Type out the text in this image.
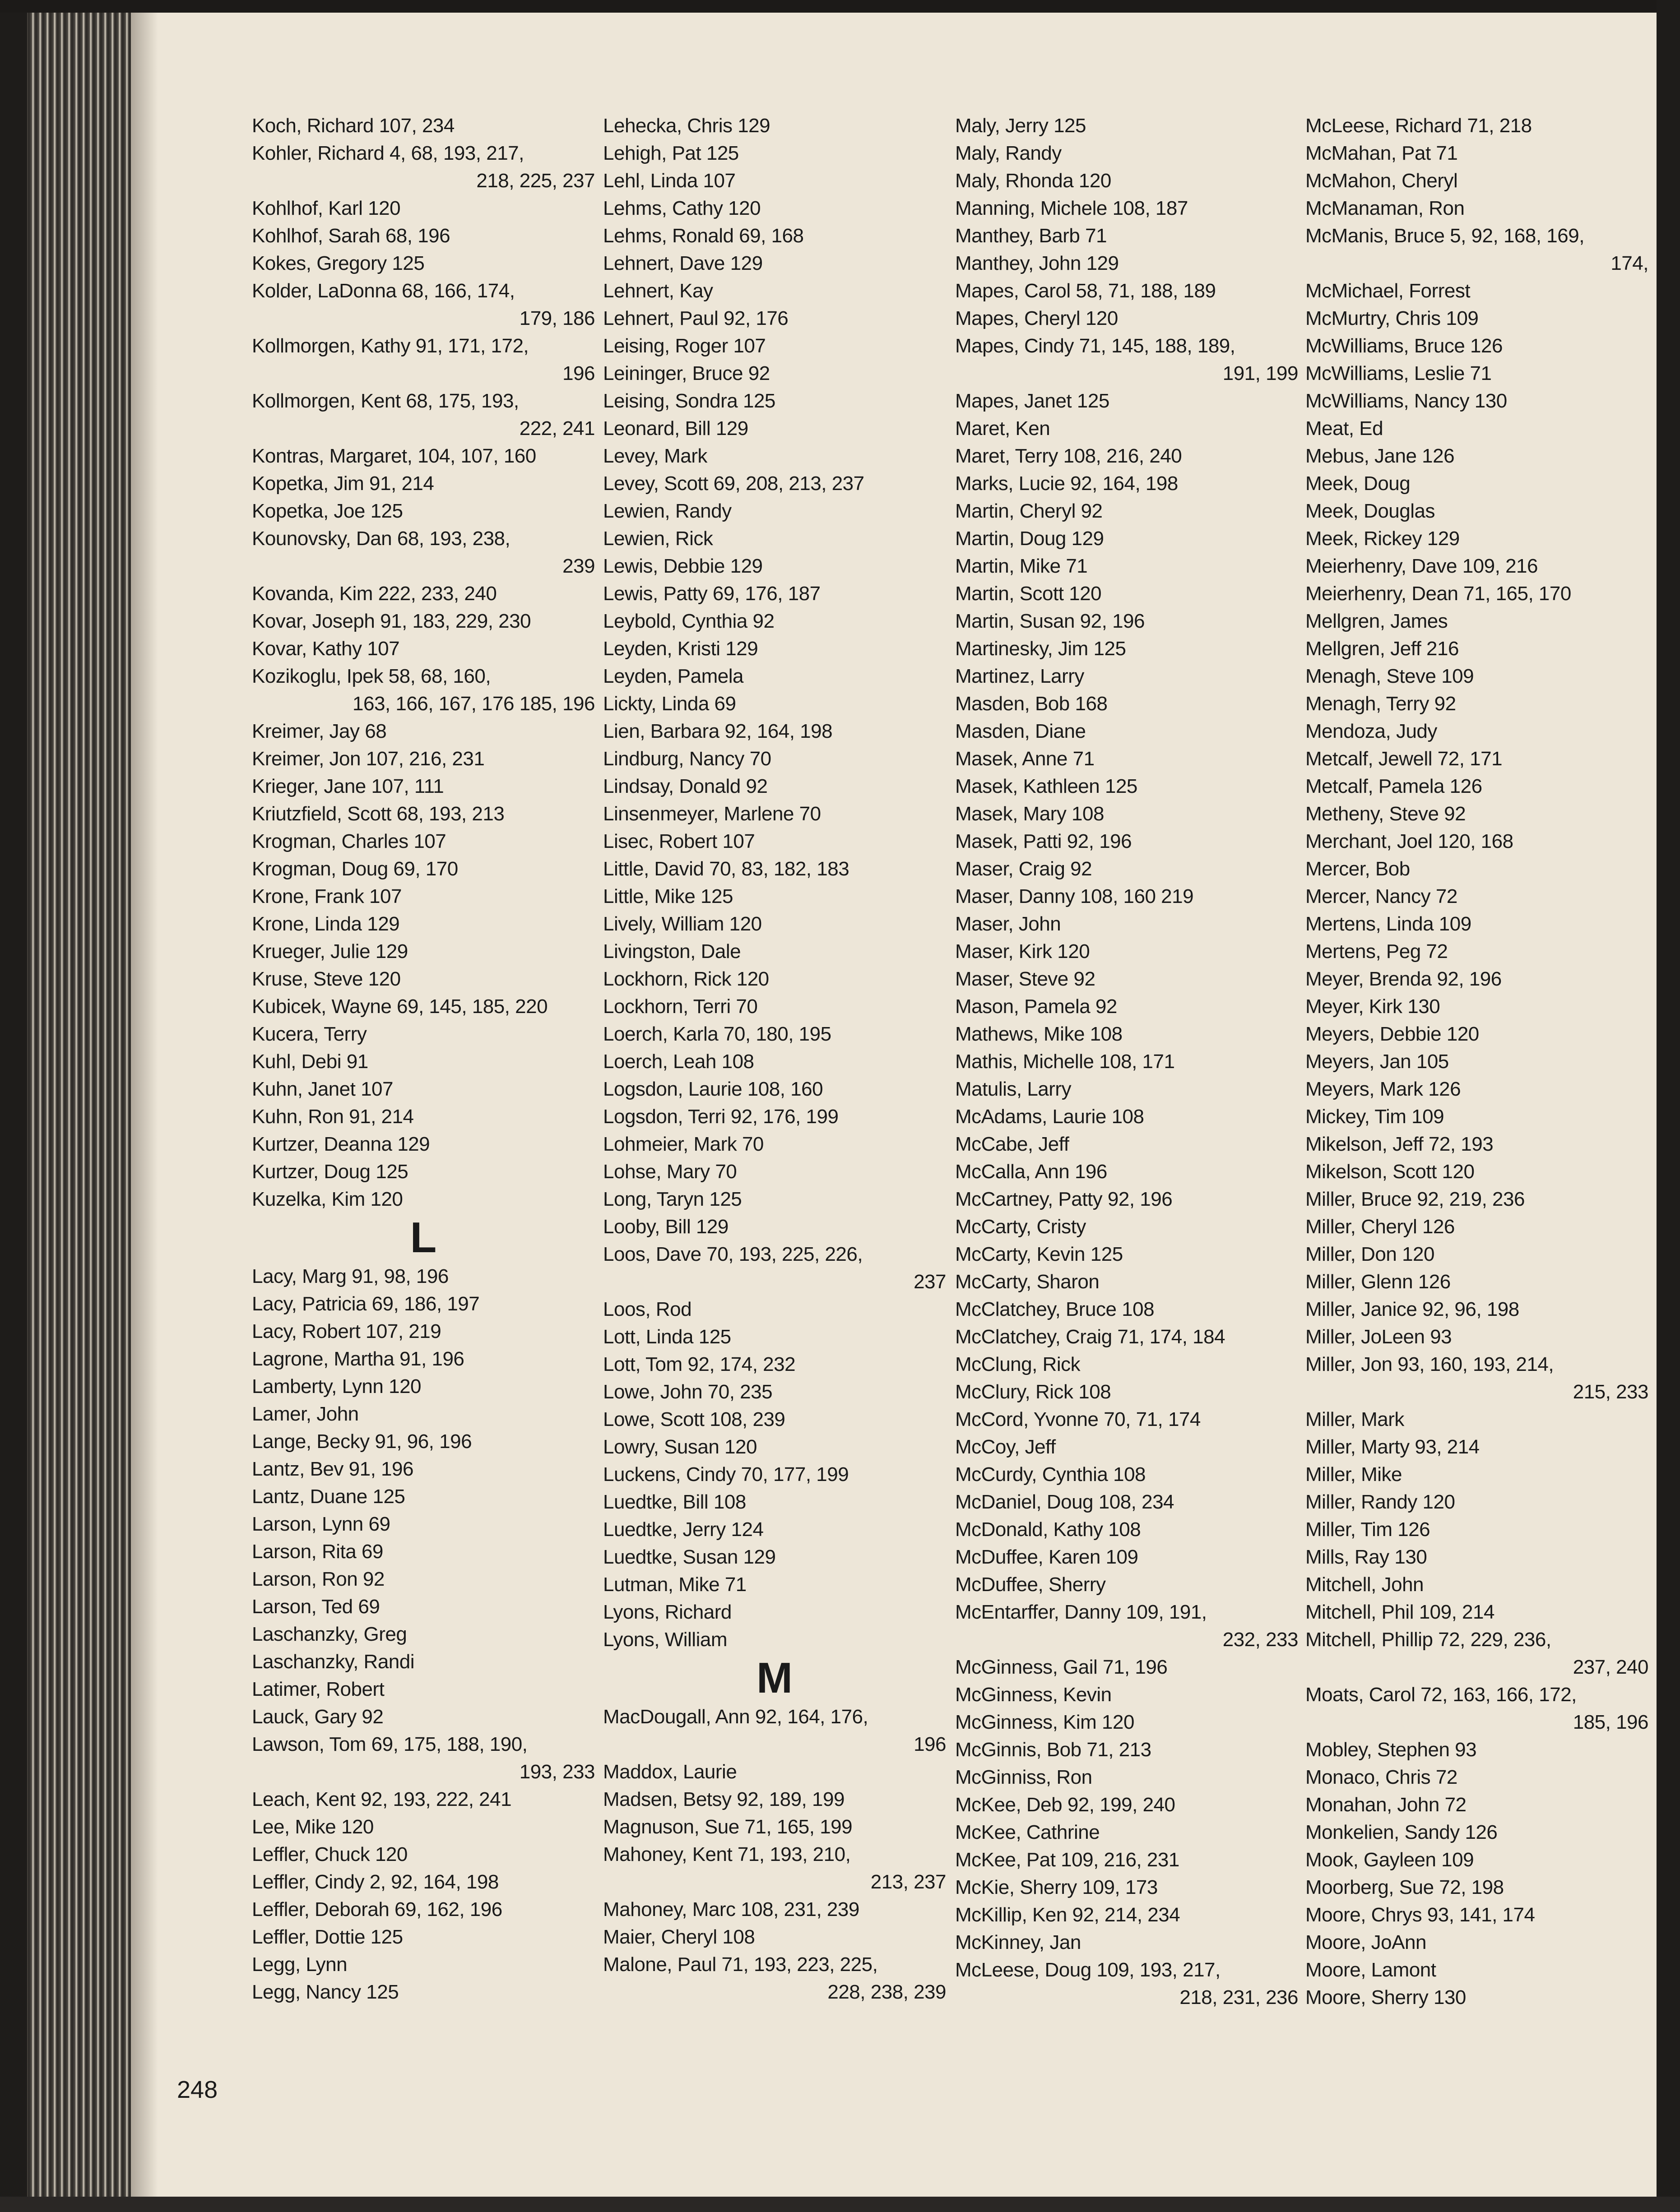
Koch, Richard 107, 234
Kohler, Richard 4, 68, 193, 217,
218, 225, 237
Kohlhof, Karl 120
Kohlhof, Sarah 68, 196
Kokes, Gregory 125
Kolder, LaDonna 68, 166, 174,
179, 186
Kollmorgen, Kathy 91, 171, 172,
196
Kollmorgen, Kent 68, 175, 193,
222, 241
Kontras, Margaret, 104, 107, 160
Kopetka, Jim 91, 214
Kopetka, Joe 125
Kounovsky, Dan 68, 193, 238,
239
Kovanda, Kim 222, 233, 240
Kovar, Joseph 91, 183, 229, 230
Kovar, Kathy 107
Kozikoglu, Ipek 58, 68, 160,
163, 166, 167, 176 185, 196
Kreimer, Jay 68
Kreimer, Jon 107, 216, 231
Krieger, Jane 107, 111
Kriutzfield, Scott 68, 193, 213
Krogman, Charles 107
Krogman, Doug 69, 170
Krone, Frank 107
Krone, Linda 129
Krueger, Julie 129
Kruse, Steve 120
Kubicek, Wayne 69, 145, 185, 220
Kucera, Terry
Kuhl, Debi 91
Kuhn, Janet 107
Kuhn, Ron 91, 214
Kurtzer, Deanna 129
Kurtzer, Doug 125
Kuzelka, Kim 120
L
Lacy, Marg 91, 98, 196
Lacy, Patricia 69, 186, 197
Lacy, Robert 107, 219
Lagrone, Martha 91, 196
Lamberty, Lynn 120
Lamer, John
Lange, Becky 91, 96, 196
Lantz, Bev 91, 196
Lantz, Duane 125
Larson, Lynn 69
Larson, Rita 69
Larson, Ron 92
Larson, Ted 69
Laschanzky, Greg
Laschanzky, Randi
Latimer, Robert
Lauck, Gary 92
Lawson, Tom 69, 175, 188, 190,
193, 233
Leach, Kent 92, 193, 222, 241
Lee, Mike 120
Leffler, Chuck 120
Leffler, Cindy 2, 92, 164, 198
Leffler, Deborah 69, 162, 196
Leffler, Dottie 125
Legg, Lynn
Legg, Nancy 125
Lehecka, Chris 129
Lehigh, Pat 125
Lehl, Linda 107
Lehms, Cathy 120
Lehms, Ronald 69, 168
Lehnert, Dave 129
Lehnert, Kay
Lehnert, Paul 92, 176
Leising, Roger 107
Leininger, Bruce 92
Leising, Sondra 125
Leonard, Bill 129
Levey, Mark
Levey, Scott 69, 208, 213, 237
Lewien, Randy
Lewien, Rick
Lewis, Debbie 129
Lewis, Patty 69, 176, 187
Leybold, Cynthia 92
Leyden, Kristi 129
Leyden, Pamela
Lickty, Linda 69
Lien, Barbara 92, 164, 198
Lindburg, Nancy 70
Lindsay, Donald 92
Linsenmeyer, Marlene 70
Lisec, Robert 107
Little, David 70, 83, 182, 183
Little, Mike 125
Lively, William 120
Livingston, Dale
Lockhorn, Rick 120
Lockhorn, Terri 70
Loerch, Karla 70, 180, 195
Loerch, Leah 108
Logsdon, Laurie 108, 160
Logsdon, Terri 92, 176, 199
Lohmeier, Mark 70
Lohse, Mary 70
Long, Taryn 125
Looby, Bill 129
Loos, Dave 70, 193, 225, 226,
237
Loos, Rod
Lott, Linda 125
Lott, Tom 92, 174, 232
Lowe, John 70, 235
Lowe, Scott 108, 239
Lowry, Susan 120
Luckens, Cindy 70, 177, 199
Luedtke, Bill 108
Luedtke, Jerry 124
Luedtke, Susan 129
Lutman, Mike 71
Lyons, Richard
Lyons, William
M
MacDougall, Ann 92, 164, 176,
196
Maddox, Laurie
Madsen, Betsy 92, 189, 199
Magnuson, Sue 71, 165, 199
Mahoney, Kent 71, 193, 210,
213, 237
Mahoney, Marc 108, 231, 239
Maier, Cheryl 108
Malone, Paul 71, 193, 223, 225,
228, 238, 239
Maly, Jerry 125
Maly, Randy
Maly, Rhonda 120
Manning, Michele 108, 187
Manthey, Barb 71
Manthey, John 129
Mapes, Carol 58, 71, 188, 189
Mapes, Cheryl 120
Mapes, Cindy 71, 145, 188, 189,
191, 199
Mapes, Janet 125
Maret, Ken
Maret, Terry 108, 216, 240
Marks, Lucie 92, 164, 198
Martin, Cheryl 92
Martin, Doug 129
Martin, Mike 71
Martin, Scott 120
Martin, Susan 92, 196
Martinesky, Jim 125
Martinez, Larry
Masden, Bob 168
Masden, Diane
Masek, Anne 71
Masek, Kathleen 125
Masek, Mary 108
Masek, Patti 92, 196
Maser, Craig 92
Maser, Danny 108, 160 219
Maser, John
Maser, Kirk 120
Maser, Steve 92
Mason, Pamela 92
Mathews, Mike 108
Mathis, Michelle 108, 171
Matulis, Larry
McAdams, Laurie 108
McCabe, Jeff
McCalla, Ann 196
McCartney, Patty 92, 196
McCarty, Cristy
McCarty, Kevin 125
McCarty, Sharon
McClatchey, Bruce 108
McClatchey, Craig 71, 174, 184
McClung, Rick
McClury, Rick 108
McCord, Yvonne 70, 71, 174
McCoy, Jeff
McCurdy, Cynthia 108
McDaniel, Doug 108, 234
McDonald, Kathy 108
McDuffee, Karen 109
McDuffee, Sherry
McEntarffer, Danny 109, 191,
232, 233
McGinness, Gail 71, 196
McGinness, Kevin
McGinness, Kim 120
McGinnis, Bob 71, 213
McGinniss, Ron
McKee, Deb 92, 199, 240
McKee, Cathrine
McKee, Pat 109, 216, 231
McKie, Sherry 109, 173
McKillip, Ken 92, 214, 234
McKinney, Jan
McLeese, Doug 109, 193, 217,
218, 231, 236
McLeese, Richard 71, 218
McMahan, Pat 71
McMahon, Cheryl
McManaman, Ron
McManis, Bruce 5, 92, 168, 169,
174,
McMichael, Forrest
McMurtry, Chris 109
McWilliams, Bruce 126
McWilliams, Leslie 71
McWilliams, Nancy 130
Meat, Ed
Mebus, Jane 126
Meek, Doug
Meek, Douglas
Meek, Rickey 129
Meierhenry, Dave 109, 216
Meierhenry, Dean 71, 165, 170
Mellgren, James
Mellgren, Jeff 216
Menagh, Steve 109
Menagh, Terry 92
Mendoza, Judy
Metcalf, Jewell 72, 171
Metcalf, Pamela 126
Metheny, Steve 92
Merchant, Joel 120, 168
Mercer, Bob
Mercer, Nancy 72
Mertens, Linda 109
Mertens, Peg 72
Meyer, Brenda 92, 196
Meyer, Kirk 130
Meyers, Debbie 120
Meyers, Jan 105
Meyers, Mark 126
Mickey, Tim 109
Mikelson, Jeff 72, 193
Mikelson, Scott 120
Miller, Bruce 92, 219, 236
Miller, Cheryl 126
Miller, Don 120
Miller, Glenn 126
Miller, Janice 92, 96, 198
Miller, JoLeen 93
Miller, Jon 93, 160, 193, 214,
215, 233
Miller, Mark
Miller, Marty 93, 214
Miller, Mike
Miller, Randy 120
Miller, Tim 126
Mills, Ray 130
Mitchell, John
Mitchell, Phil 109, 214
Mitchell, Phillip 72, 229, 236,
237, 240
Moats, Carol 72, 163, 166, 172,
185, 196
Mobley, Stephen 93
Monaco, Chris 72
Monahan, John 72
Monkelien, Sandy 126
Mook, Gayleen 109
Moorberg, Sue 72, 198
Moore, Chrys 93, 141, 174
Moore, JoAnn
Moore, Lamont
Moore, Sherry 130
248
